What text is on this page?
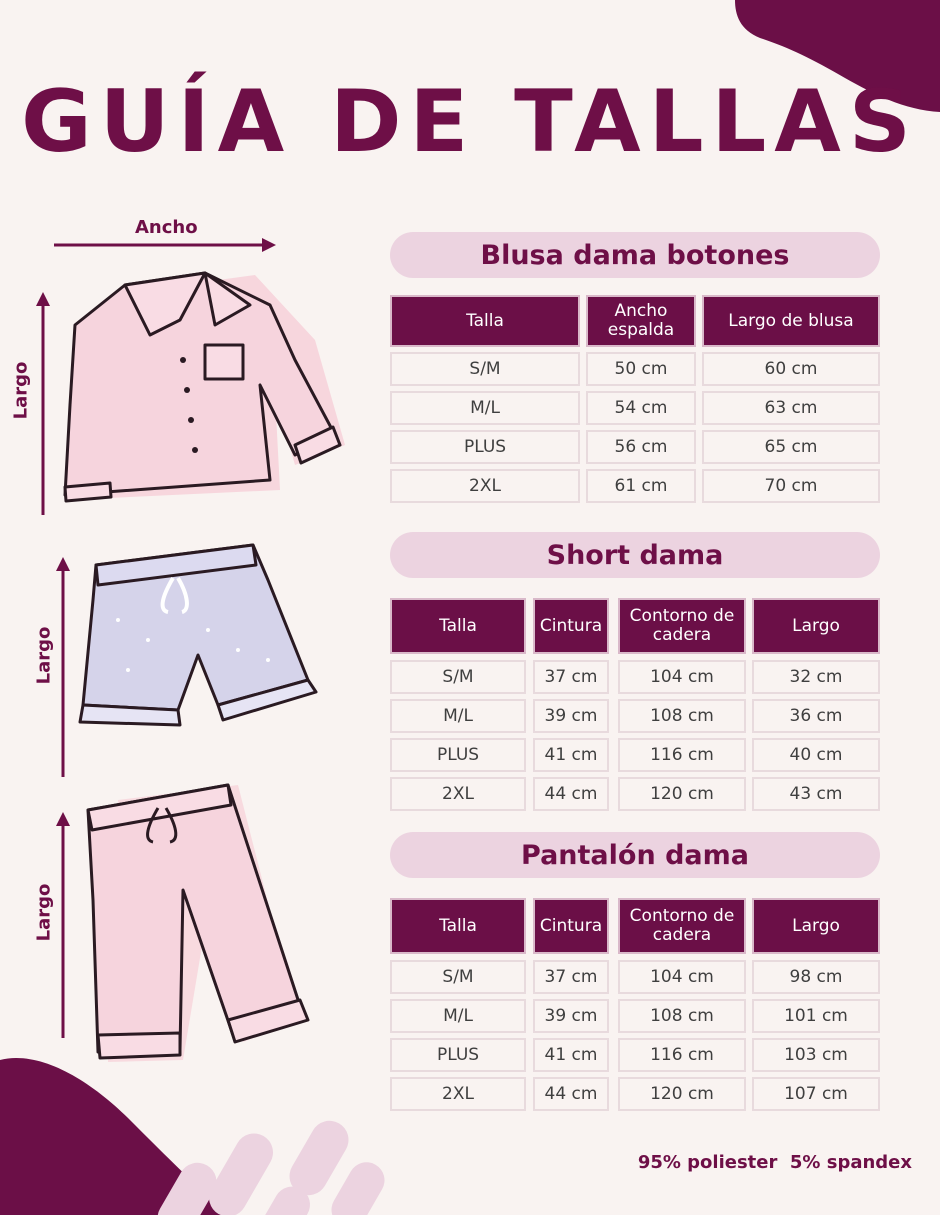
GUÍA DE TALLAS
Ancho
Largo
Largo
Largo
Blusa dama botones
Talla	Ancho espalda	Largo de blusa
S/M	50 cm	60 cm
M/L	54 cm	63 cm
PLUS	56 cm	65 cm
2XL	61 cm	70 cm
Short dama
Talla	Cintura	Contorno de cadera	Largo
S/M	37 cm	104 cm	32 cm
M/L	39 cm	108 cm	36 cm
PLUS	41 cm	116 cm	40 cm
2XL	44 cm	120 cm	43 cm
Pantalón dama
Talla	Cintura	Contorno de cadera	Largo
S/M	37 cm	104 cm	98 cm
M/L	39 cm	108 cm	101 cm
PLUS	41 cm	116 cm	103 cm
2XL	44 cm	120 cm	107 cm
95% poliester  5% spandex
